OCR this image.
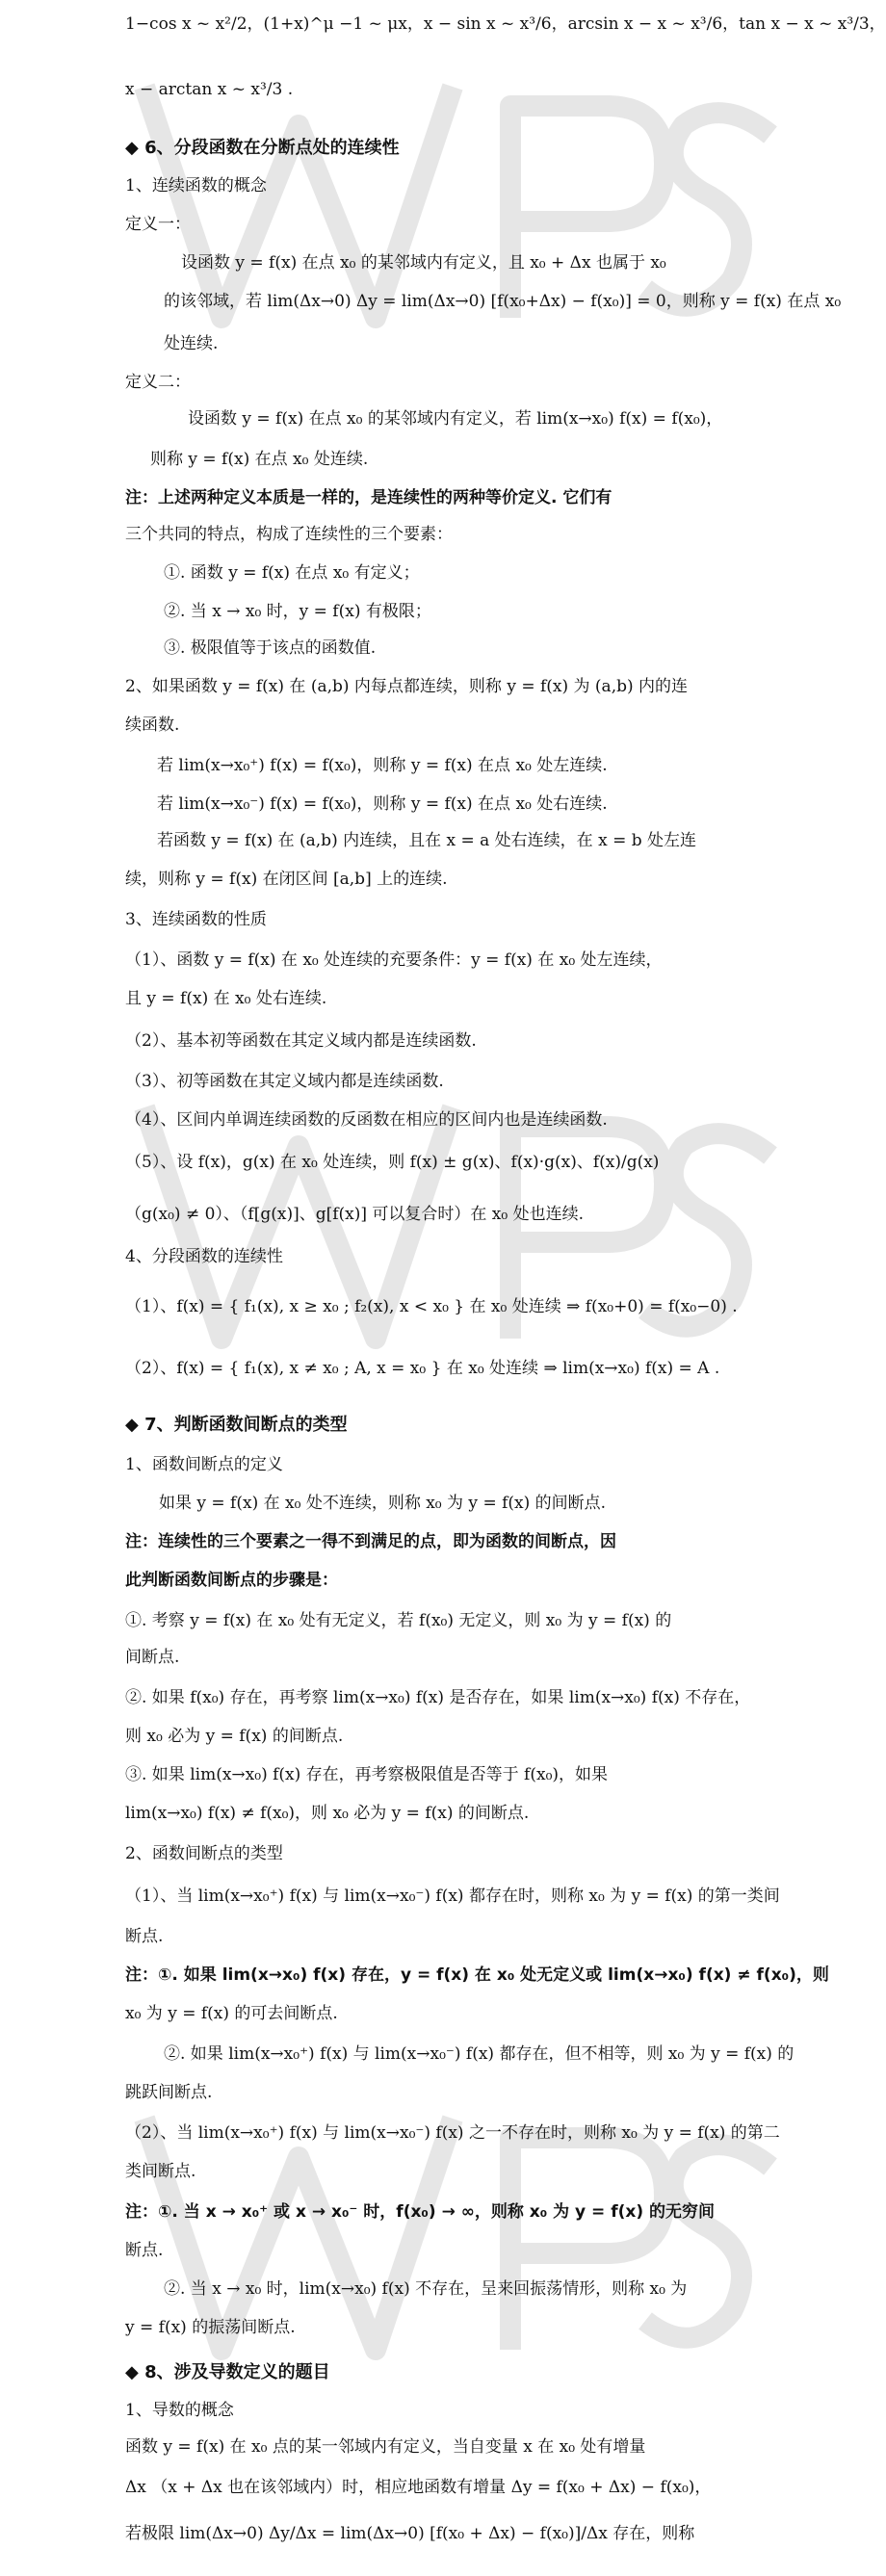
1−cos x ~ x²/2，(1+x)^μ −1 ~ μx，x − sin x ~ x³/6，arcsin x − x ~ x³/6，tan x − x ~ x³/3，
x − arctan x ~ x³/3 .
◆ 6、分段函数在分断点处的连续性
1、连续函数的概念
定义一：
设函数 y = f(x) 在点 x₀ 的某邻域内有定义，且 x₀ + Δx 也属于 x₀
的该邻域，若 lim(Δx→0) Δy = lim(Δx→0) [f(x₀+Δx) − f(x₀)] = 0，则称 y = f(x) 在点 x₀
处连续.
定义二：
设函数 y = f(x) 在点 x₀ 的某邻域内有定义，若 lim(x→x₀) f(x) = f(x₀)，
则称 y = f(x) 在点 x₀ 处连续.
注：上述两种定义本质是一样的，是连续性的两种等价定义. 它们有
三个共同的特点，构成了连续性的三个要素：
①. 函数 y = f(x) 在点 x₀ 有定义；
②. 当 x → x₀ 时，y = f(x) 有极限；
③. 极限值等于该点的函数值.
2、如果函数 y = f(x) 在 (a,b) 内每点都连续，则称 y = f(x) 为 (a,b) 内的连
续函数.
若 lim(x→x₀⁺) f(x) = f(x₀)，则称 y = f(x) 在点 x₀ 处左连续.
若 lim(x→x₀⁻) f(x) = f(x₀)，则称 y = f(x) 在点 x₀ 处右连续.
若函数 y = f(x) 在 (a,b) 内连续，且在 x = a 处右连续，在 x = b 处左连
续，则称 y = f(x) 在闭区间 [a,b] 上的连续.
3、连续函数的性质
（1）、函数 y = f(x) 在 x₀ 处连续的充要条件：y = f(x) 在 x₀ 处左连续，
且 y = f(x) 在 x₀ 处右连续.
（2）、基本初等函数在其定义域内都是连续函数.
（3）、初等函数在其定义域内都是连续函数.
（4）、区间内单调连续函数的反函数在相应的区间内也是连续函数.
（5）、设 f(x)，g(x) 在 x₀ 处连续，则 f(x) ± g(x)、f(x)·g(x)、f(x)/g(x)
（g(x₀) ≠ 0）、（f[g(x)]、g[f(x)] 可以复合时）在 x₀ 处也连续.
4、分段函数的连续性
（1）、f(x) = { f₁(x), x ≥ x₀ ; f₂(x), x < x₀ } 在 x₀ 处连续 ⇒ f(x₀+0) = f(x₀−0) .
（2）、f(x) = { f₁(x), x ≠ x₀ ; A, x = x₀ } 在 x₀ 处连续 ⇒ lim(x→x₀) f(x) = A .
◆ 7、判断函数间断点的类型
1、函数间断点的定义
如果 y = f(x) 在 x₀ 处不连续，则称 x₀ 为 y = f(x) 的间断点.
注：连续性的三个要素之一得不到满足的点，即为函数的间断点，因
此判断函数间断点的步骤是：
①. 考察 y = f(x) 在 x₀ 处有无定义，若 f(x₀) 无定义，则 x₀ 为 y = f(x) 的
间断点.
②. 如果 f(x₀) 存在，再考察 lim(x→x₀) f(x) 是否存在，如果 lim(x→x₀) f(x) 不存在，
则 x₀ 必为 y = f(x) 的间断点.
③. 如果 lim(x→x₀) f(x) 存在，再考察极限值是否等于 f(x₀)，如果
lim(x→x₀) f(x) ≠ f(x₀)，则 x₀ 必为 y = f(x) 的间断点.
2、函数间断点的类型
（1）、当 lim(x→x₀⁺) f(x) 与 lim(x→x₀⁻) f(x) 都存在时，则称 x₀ 为 y = f(x) 的第一类间
断点.
注：①. 如果 lim(x→x₀) f(x) 存在，y = f(x) 在 x₀ 处无定义或 lim(x→x₀) f(x) ≠ f(x₀)，则
x₀ 为 y = f(x) 的可去间断点.
②. 如果 lim(x→x₀⁺) f(x) 与 lim(x→x₀⁻) f(x) 都存在，但不相等，则 x₀ 为 y = f(x) 的
跳跃间断点.
（2）、当 lim(x→x₀⁺) f(x) 与 lim(x→x₀⁻) f(x) 之一不存在时，则称 x₀ 为 y = f(x) 的第二
类间断点.
注：①. 当 x → x₀⁺ 或 x → x₀⁻ 时，f(x₀) → ∞，则称 x₀ 为 y = f(x) 的无穷间
断点.
②. 当 x → x₀ 时，lim(x→x₀) f(x) 不存在，呈来回振荡情形，则称 x₀ 为
y = f(x) 的振荡间断点.
◆ 8、涉及导数定义的题目
1、导数的概念
函数 y = f(x) 在 x₀ 点的某一邻域内有定义，当自变量 x 在 x₀ 处有增量
Δx （x + Δx 也在该邻域内）时，相应地函数有增量 Δy = f(x₀ + Δx) − f(x₀)，
若极限 lim(Δx→0) Δy/Δx = lim(Δx→0) [f(x₀ + Δx) − f(x₀)]/Δx 存在，则称
